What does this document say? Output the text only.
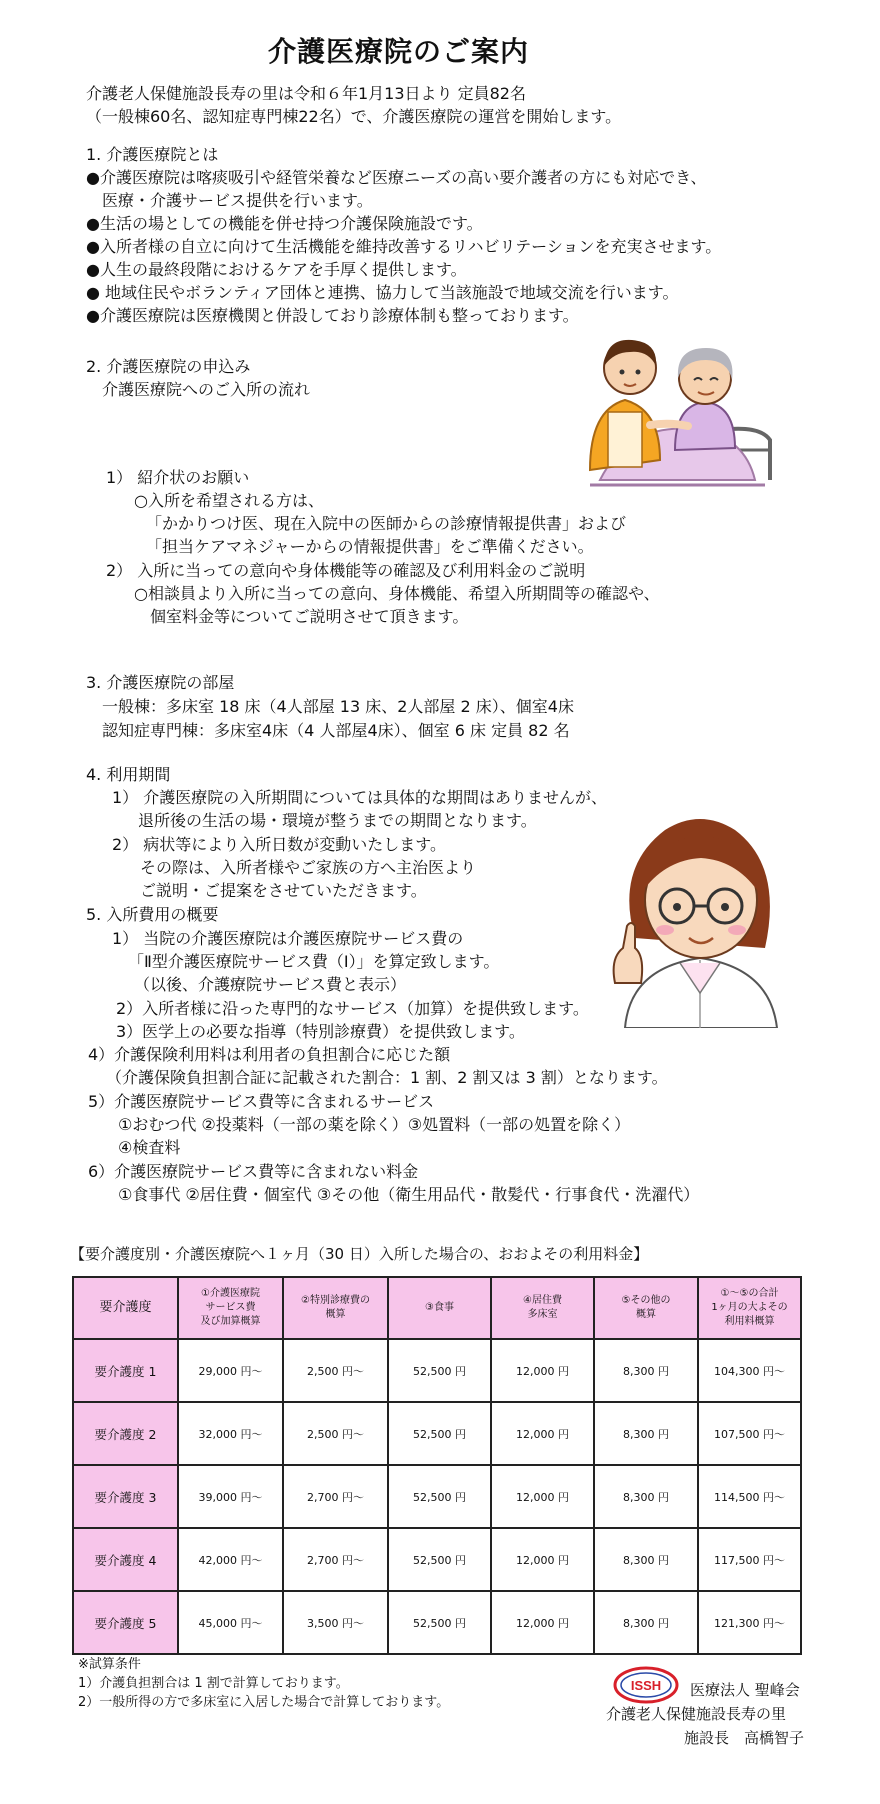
介護医療院のご案内
介護老人保健施設長寿の里は令和６年1月13日より 定員82名
（一般棟60名、認知症専門棟22名）で、介護医療院の運営を開始します。
1. 介護医療院とは
●介護医療院は喀痰吸引や経管栄養など医療ニーズの高い要介護者の方にも対応でき、
　医療・介護サービス提供を行います。
●生活の場としての機能を併せ持つ介護保険施設です。
●入所者様の自立に向けて生活機能を維持改善するリハビリテーションを充実させます。
●人生の最終段階におけるケアを手厚く提供します。
● 地域住民やボランティア団体と連携、協力して当該施設で地域交流を行います。
●介護医療院は医療機関と併設しており診療体制も整っております。
2. 介護医療院の申込み
介護医療院へのご入所の流れ
1） 紹介状のお願い
○入所を希望される方は、
「かかりつけ医、現在入院中の医師からの診療情報提供書」および
「担当ケアマネジャーからの情報提供書」をご準備ください。
2） 入所に当っての意向や身体機能等の確認及び利用料金のご説明
○相談員より入所に当っての意向、身体機能、希望入所期間等の確認や、
個室料金等についてご説明させて頂きます。
3. 介護医療院の部屋
一般棟：多床室 18 床（4人部屋 13 床、2人部屋 2 床）、個室4床
認知症専門棟：多床室4床（4 人部屋4床）、個室 6 床 定員 82 名
4. 利用期間
1） 介護医療院の入所期間については具体的な期間はありませんが、
退所後の生活の場・環境が整うまでの期間となります。
2） 病状等により入所日数が変動いたします。
その際は、入所者様やご家族の方へ主治医より
ご説明・ご提案をさせていただきます。
5. 入所費用の概要
1） 当院の介護医療院は介護医療院サービス費の
「Ⅱ型介護医療院サービス費（Ⅰ）」を算定致します。
（以後、介護療院サービス費と表示）
2）入所者様に沿った専門的なサービス（加算）を提供致します。
3）医学上の必要な指導（特別診療費）を提供致します。
4）介護保険利用料は利用者の負担割合に応じた額
（介護保険負担割合証に記載された割合：1 割、2 割又は 3 割）となります。
5）介護医療院サービス費等に含まれるサービス
①おむつ代 ②投薬料（一部の薬を除く）③処置料（一部の処置を除く）
④検査料
6）介護医療院サービス費等に含まれない料金
①食事代 ②居住費・個室代 ③その他（衛生用品代・散髪代・行事食代・洗濯代）
【要介護度別・介護医療院へ１ヶ月（30 日）入所した場合の、おおよその利用料金】
要介護度	①介護医療院
サービス費
及び加算概算	②特別診療費の
概算	③食事	④居住費
多床室	⑤その他の
概算	①～⑤の合計
1ヶ月の大よその
利用料概算
要介護度 1	29,000 円～	2,500 円～	52,500 円	12,000 円	8,300 円	104,300 円～
要介護度 2	32,000 円～	2,500 円～	52,500 円	12,000 円	8,300 円	107,500 円～
要介護度 3	39,000 円～	2,700 円～	52,500 円	12,000 円	8,300 円	114,500 円～
要介護度 4	42,000 円～	2,700 円～	52,500 円	12,000 円	8,300 円	117,500 円～
要介護度 5	45,000 円～	3,500 円～	52,500 円	12,000 円	8,300 円	121,300 円～
※試算条件
1）介護負担割合は 1 割で計算しております。
2）一般所得の方で多床室に入居した場合で計算しております。
ISSH 医療法人 聖峰会
介護老人保健施設長寿の里
施設長　高橋智子
